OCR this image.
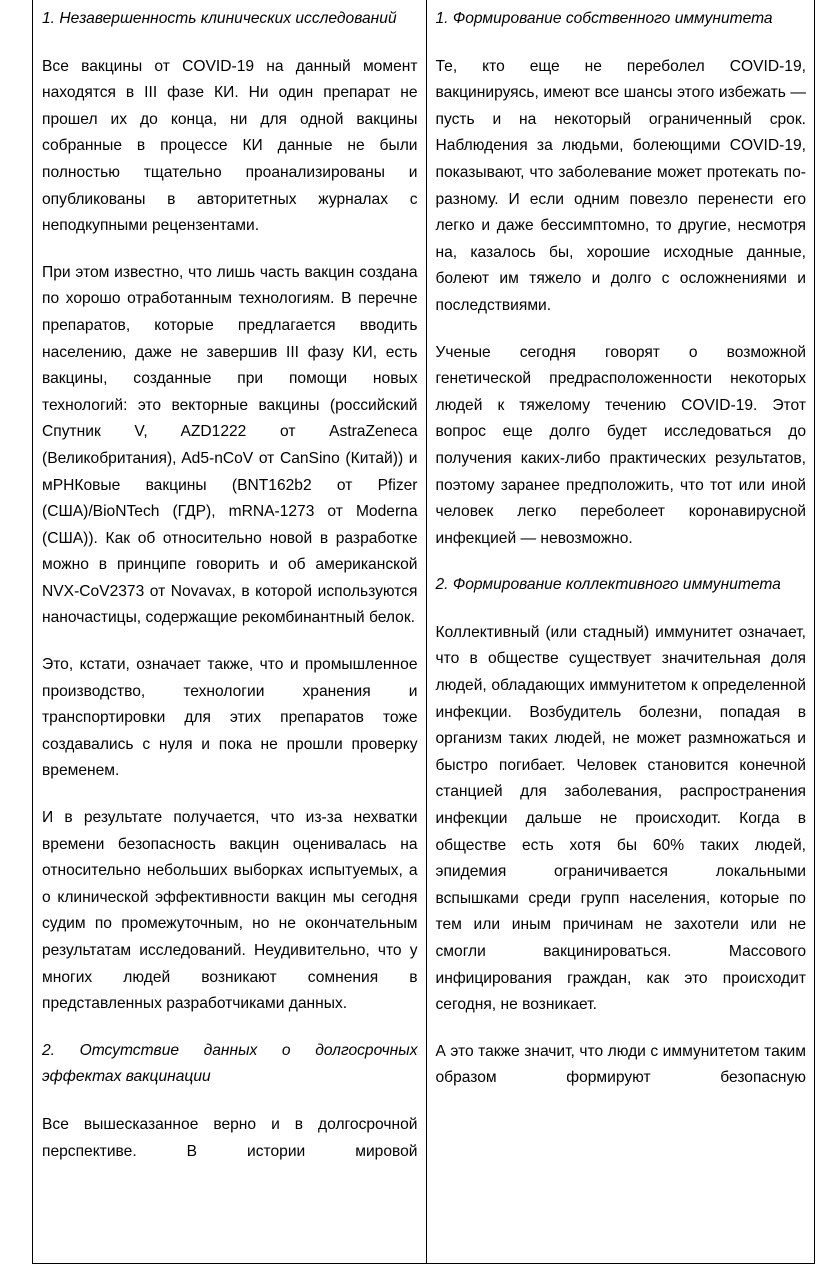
1. Незавершенность клинических исследований
Все вакцины от COVID-19 на данный момент находятся в III фазе КИ. Ни один препарат не прошел их до конца, ни для одной вакцины собранные в процессе КИ данные не были полностью тщательно проанализированы и опубликованы в авторитетных журналах с неподкупными рецензентами.
При этом известно, что лишь часть вакцин создана по хорошо отработанным технологиям. В перечне препаратов, которые предлагается вводить населению, даже не завершив III фазу КИ, есть вакцины, созданные при помощи новых технологий: это векторные вакцины (российский Спутник V, AZD1222 от AstraZeneca (Великобритания), Ad5-nCoV от CanSino (Китай)) и мРНКовые вакцины (BNT162b2 от Pfizer (США)/BioNTech (ГДР), mRNA-1273 от Moderna (США)). Как об относительно новой в разработке можно в принципе говорить и об американской NVX-CoV2373 от Novavax, в которой используются наночастицы, содержащие рекомбинантный белок.
Это, кстати, означает также, что и промышленное производство, технологии хранения и транспортировки для этих препаратов тоже создавались с нуля и пока не прошли проверку временем.
И в результате получается, что из-за нехватки времени безопасность вакцин оценивалась на относительно небольших выборках испытуемых, а о клинической эффективности вакцин мы сегодня судим по промежуточным, но не окончательным результатам исследований. Неудивительно, что у многих людей возникают сомнения в представленных разработчиками данных.
2. Отсутствие данных о долгосрочных эффектах вакцинации
Все вышесказанное верно и в долгосрочной перспективе. В истории мировой
1. Формирование собственного иммунитета
Те, кто еще не переболел COVID-19, вакцинируясь, имеют все шансы этого избежать — пусть и на некоторый ограниченный срок. Наблюдения за людьми, болеющими COVID-19, показывают, что заболевание может протекать по-разному. И если одним повезло перенести его легко и даже бессимптомно, то другие, несмотря на, казалось бы, хорошие исходные данные, болеют им тяжело и долго с осложнениями и последствиями.
Ученые сегодня говорят о возможной генетической предрасположенности некоторых людей к тяжелому течению COVID-19. Этот вопрос еще долго будет исследоваться до получения каких-либо практических результатов, поэтому заранее предположить, что тот или иной человек легко переболеет коронавирусной инфекцией — невозможно.
2. Формирование коллективного иммунитета
Коллективный (или стадный) иммунитет означает, что в обществе существует значительная доля людей, обладающих иммунитетом к определенной инфекции. Возбудитель болезни, попадая в организм таких людей, не может размножаться и быстро погибает. Человек становится конечной станцией для заболевания, распространения инфекции дальше не происходит. Когда в обществе есть хотя бы 60% таких людей, эпидемия ограничивается локальными вспышками среди групп населения, которые по тем или иным причинам не захотели или не смогли вакцинироваться. Массового инфицирования граждан, как это происходит сегодня, не возникает.
А это также значит, что люди с иммунитетом таким образом формируют безопасную
